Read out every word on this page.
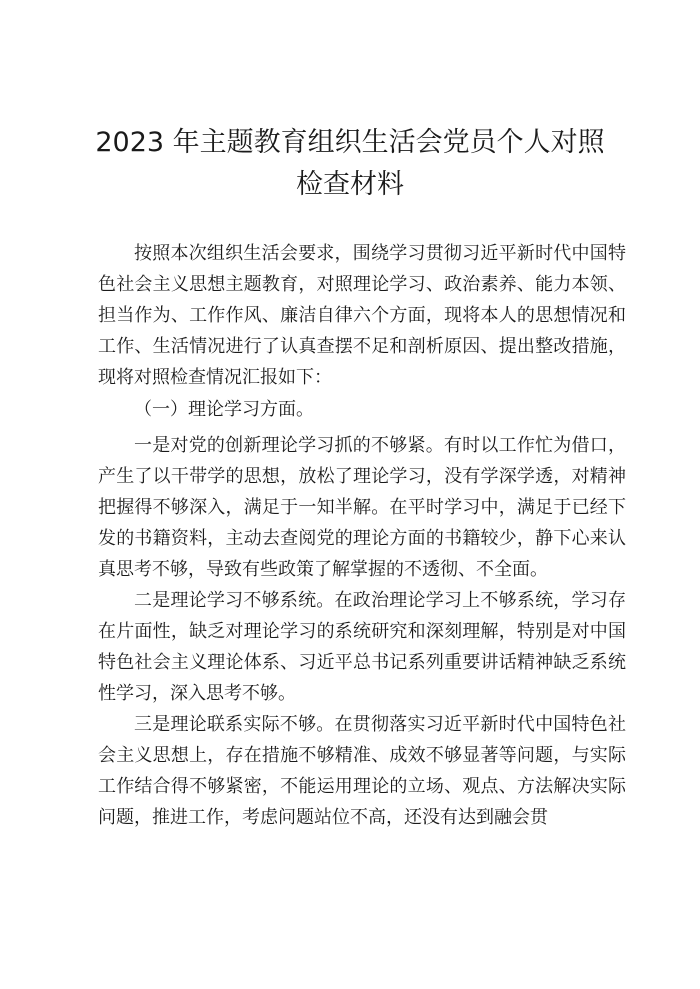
2023 年主题教育组织生活会党员个人对照检查材料

按照本次组织生活会要求，围绕学习贯彻习近平新时代中国特色社会主义思想主题教育，对照理论学习、政治素养、能力本领、担当作为、工作作风、廉洁自律六个方面，现将本人的思想情况和工作、生活情况进行了认真查摆不足和剖析原因、提出整改措施，现将对照检查情况汇报如下：

（一）理论学习方面。

一是对党的创新理论学习抓的不够紧。有时以工作忙为借口，产生了以干带学的思想，放松了理论学习，没有学深学透，对精神把握得不够深入，满足于一知半解。在平时学习中，满足于已经下发的书籍资料，主动去查阅党的理论方面的书籍较少，静下心来认真思考不够，导致有些政策了解掌握的不透彻、不全面。

二是理论学习不够系统。在政治理论学习上不够系统，学习存在片面性，缺乏对理论学习的系统研究和深刻理解，特别是对中国特色社会主义理论体系、习近平总书记系列重要讲话精神缺乏系统性学习，深入思考不够。

三是理论联系实际不够。在贯彻落实习近平新时代中国特色社会主义思想上，存在措施不够精准、成效不够显著等问题，与实际工作结合得不够紧密，不能运用理论的立场、观点、方法解决实际问题，推进工作，考虑问题站位不高，还没有达到融会贯
